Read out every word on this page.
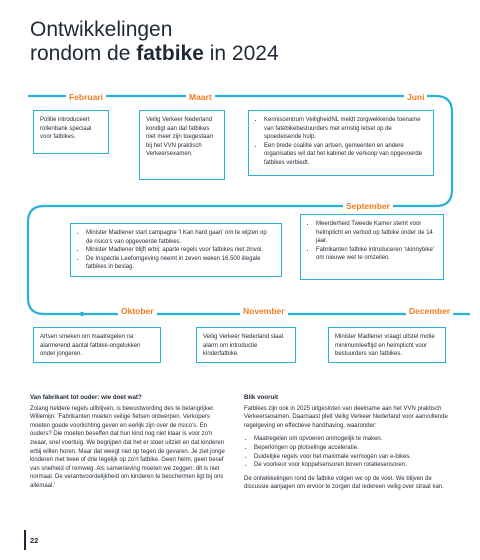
Ontwikkelingen
rondom de fatbike in 2024
Februari	Maart	Juni
September
Oktober	November	December
Politie introduceert rollenbank speciaal voor fatbikes.
Veilig Verkeer Nederland kondigt aan dat fatbikes niet meer zijn toegestaan bij het VVN praktisch Verkeersexamen.
• Kenniscentrum VeiligheidNL meldt zorgwekkende toename van fatebikebestuurders met ernstig letsel op de spoedeisende hulp.
• Een brede coalitie van artsen, gemeenten en andere organisaties wil dat het kabinet de verkoop van opgevoerde fatbikes verbiedt.
• Minister Madlener start campagne 't Kan hard gaan' om te wijzen op de risico's van opgevoerde fatbikes.
• Minister Madlener blijft erbij: aparte regels voor fatbikes niet zinvol.
• De Inspectie Leefomgeving neemt in zeven weken 16.500 illegale fatbikes in beslag.
• Meerderheid Tweede Kamer stemt voor helmplicht en verbod op fatbike onder de 14 jaar.
• Fabrikanten fatbike introduceren 'skinnybike' om nieuwe wet te omzeilen.
Artsen smeken om maatregelen na alarmerend aantal fatbike-ongelukken onder jongeren.
Veilig Verkeer Nederland slaat alarm om introductie kinderfatbike.
Minister Madlener vraagt uitstel motie minimumleeftijd en helmplicht voor bestuurders van fatbikes.
Van fabrikant tot ouder: wie doet wat?
Zolang heldere regels uitblijven, is bewustwording des te belangrijker. Willemijn: 'Fabrikanten moeten veilige fietsen ontwerpen. Verkopers moeten goede voorlichting geven en eerlijk zijn over de risico's. En ouders? Die moeten beseffen dat hun kind nog niet klaar is voor zo'n zwaar, snel voertuig. We begrijpen dat het er stoer uitziet en dat kinderen erbij willen horen. Maar dat weegt niet op tegen de gevaren. Je ziet jonge kinderen met twee of drie tegelijk op zo'n fatbike. Geen helm, geen besef van snelheid of remweg. Als samenleving moeten we zeggen: dit is niet normaal. De verantwoordelijkheid om kinderen te beschermen ligt bij ons allemaal.'
Blik vooruit
Fatbikes zijn ook in 2025 uitgesloten van deelname aan het VVN praktisch Verkeersexamen. Daarnaast pleit Veilig Verkeer Nederland voor aanvullende regelgeving en effectieve handhaving, waaronder:
• Maatregelen om opvoeren onmogelijk te maken.
• Beperkingen op plotselinge acceleratie.
• Duidelijke regels voor het maximale vermogen van e-bikes.
• De voorkeur voor koppelsensoren boven rotatiesensoren.
De ontwikkelingen rond de fatbike volgen we op de voet. We blijven de discussie aanjagen om ervoor te zorgen dat iedereen veilig over straat kan.
22
